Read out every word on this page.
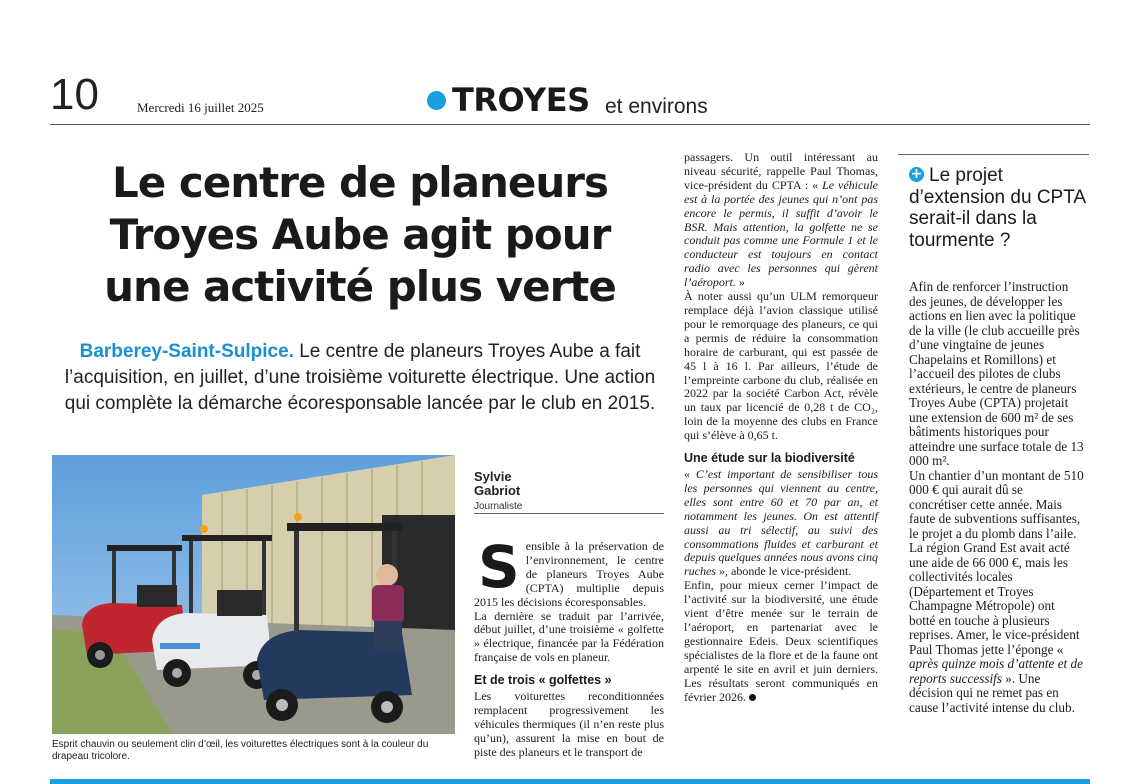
10	Mercredi 16 juillet 2025	TROYES et environs
Le centre de planeurs
Troyes Aube agit pour
une activité plus verte
Barberey-Saint-Sulpice. Le centre de planeurs Troyes Aube a fait l’acquisition, en juillet, d’une troisième voiturette électrique. Une action qui complète la démarche écoresponsable lancée par le club en 2015.
Esprit chauvin ou seulement clin d’œil, les voiturettes électriques sont à la couleur du drapeau tricolore.
Sylvie
Gabriot
Journaliste
S ensible à la préservation de l’environnement, le centre de planeurs Troyes Aube (CPTA) multiplie depuis 2015 les décisions écoresponsables.

La dernière se traduit par l’arrivée, début juillet, d’une troisième « golfette » électrique, financée par la Fédération française de vols en planeur.

Et de trois « golfettes »

Les voiturettes reconditionnées remplacent progressivement les véhicules thermiques (il n’en reste plus qu’un), assurent la mise en bout de piste des planeurs et le transport de

passagers. Un outil intéressant au niveau sécurité, rappelle Paul Thomas, vice-président du CPTA : « Le véhicule est à la portée des jeunes qui n’ont pas encore le permis, il suffit d’avoir le BSR. Mais attention, la golfette ne se conduit pas comme une Formule 1 et le conducteur est toujours en contact radio avec les personnes qui gèrent l’aéroport. »

À noter aussi qu’un ULM remorqueur remplace déjà l’avion classique utilisé pour le remorquage des planeurs, ce qui a permis de réduire la consommation horaire de carburant, qui est passée de 45 l à 16 l. Par ailleurs, l’étude de l’empreinte carbone du club, réalisée en 2022 par la société Carbon Act, révèle un taux par licencié de 0,28 t de CO₂, loin de la moyenne des clubs en France qui s’élève à 0,65 t.

Une étude sur la biodiversité

« C’est important de sensibiliser tous les personnes qui viennent au centre, elles sont entre 60 et 70 par an, et notamment les jeunes. On est attentif aussi au tri sélectif, au suivi des consommations fluides et carburant et depuis quelques années nous avons cinq ruches », abonde le vice-président.

Enfin, pour mieux cerner l’impact de l’activité sur la biodiversité, une étude vient d’être menée sur le terrain de l’aéroport, en partenariat avec le gestionnaire Edeis. Deux scientifiques spécialistes de la flore et de la faune ont arpenté le site en avril et juin derniers. Les résultats seront communiqués en février 2026.

Le projet d’extension du CPTA serait-il dans la tourmente ?
+

Afin de renforcer l’instruction des jeunes, de développer les actions en lien avec la politique de la ville (le club accueille près d’une vingtaine de jeunes Chapelains et Romillons) et l’accueil des pilotes de clubs extérieurs, le centre de planeurs Troyes Aube (CPTA) projetait une extension de 600 m² de ses bâtiments historiques pour atteindre une surface totale de 13 000 m².

Un chantier d’un montant de 510 000 € qui aurait dû se concrétiser cette année. Mais faute de subventions suffisantes, le projet a du plomb dans l’aile. La région Grand Est avait acté une aide de 66 000 €, mais les collectivités locales (Département et Troyes Champagne Métropole) ont botté en touche à plusieurs reprises. Amer, le vice-président Paul Thomas jette l’éponge « après quinze mois d’attente et de reports successifs ». Une décision qui ne remet pas en cause l’activité intense du club.
